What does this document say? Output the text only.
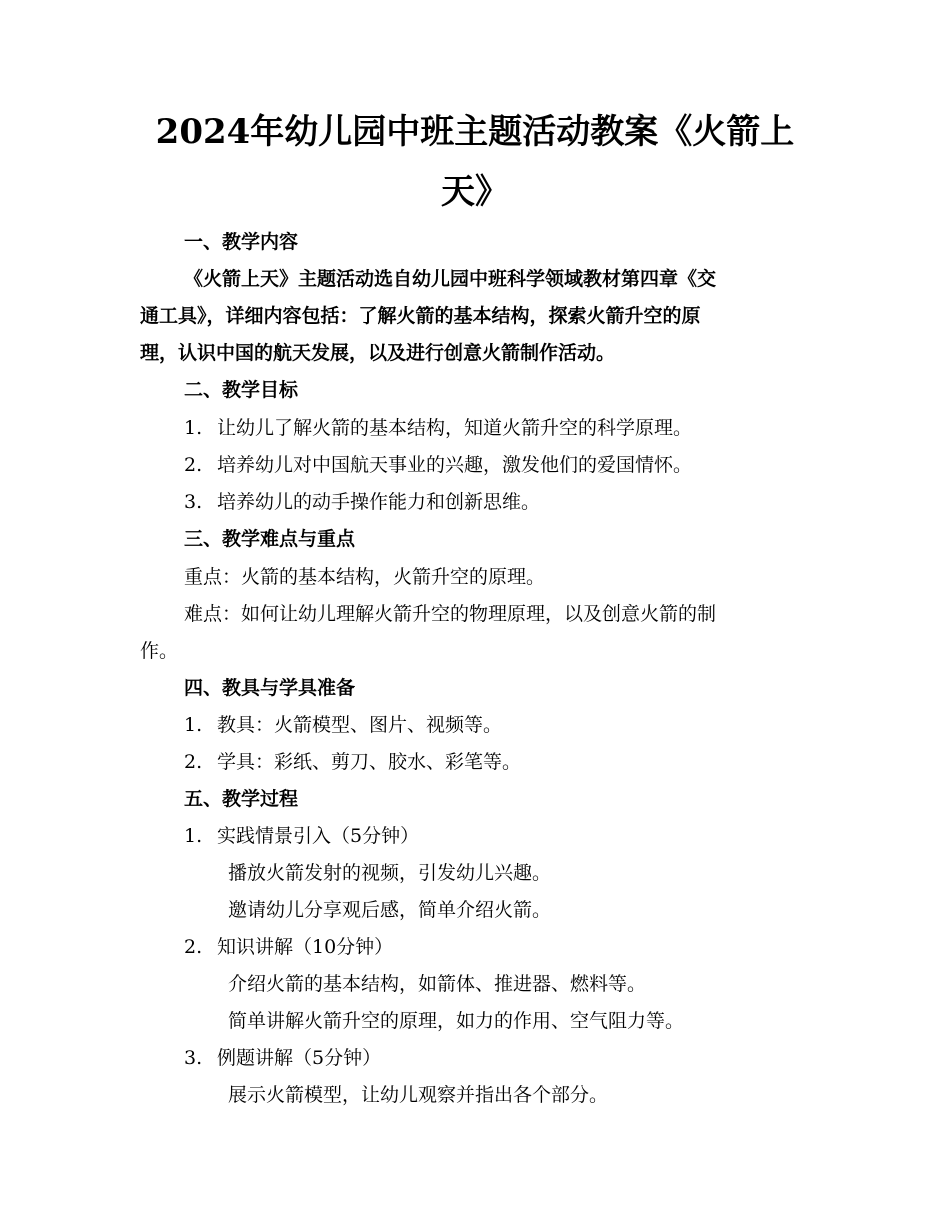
2024年幼儿园中班主题活动教案《火箭上
天》

一、教学内容

《火箭上天》主题活动选自幼儿园中班科学领域教材第四章《交

通工具》，详细内容包括：了解火箭的基本结构，探索火箭升空的原

理，认识中国的航天发展，以及进行创意火箭制作活动。

二、教学目标

1. 让幼儿了解火箭的基本结构，知道火箭升空的科学原理。

2. 培养幼儿对中国航天事业的兴趣，激发他们的爱国情怀。

3. 培养幼儿的动手操作能力和创新思维。

三、教学难点与重点

重点：火箭的基本结构，火箭升空的原理。

难点：如何让幼儿理解火箭升空的物理原理，以及创意火箭的制

作。

四、教具与学具准备

1. 教具：火箭模型、图片、视频等。

2. 学具：彩纸、剪刀、胶水、彩笔等。

五、教学过程

1. 实践情景引入（5分钟）

播放火箭发射的视频，引发幼儿兴趣。

邀请幼儿分享观后感，简单介绍火箭。

2. 知识讲解（10分钟）

介绍火箭的基本结构，如箭体、推进器、燃料等。

简单讲解火箭升空的原理，如力的作用、空气阻力等。

3. 例题讲解（5分钟）

展示火箭模型，让幼儿观察并指出各个部分。
